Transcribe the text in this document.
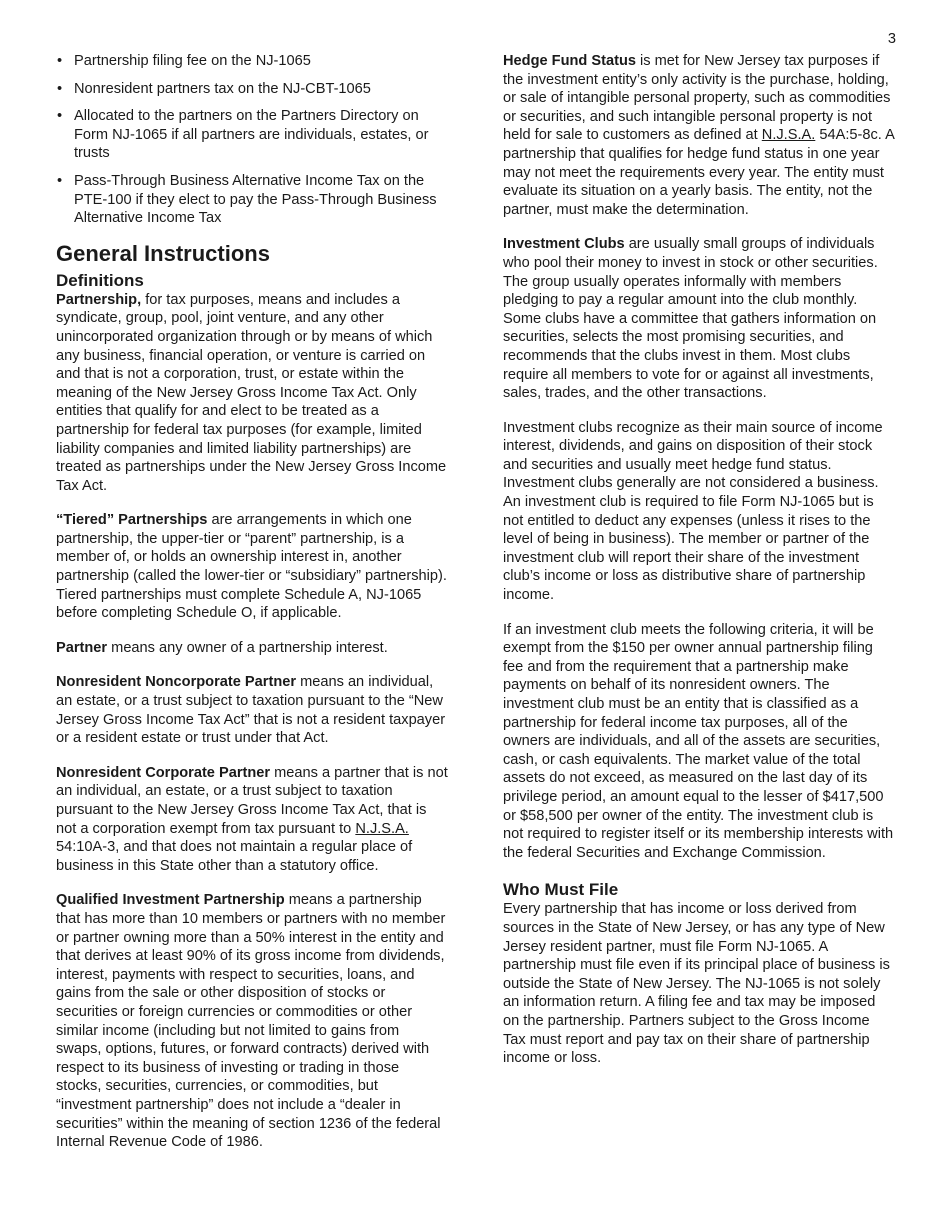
3
• Partnership filing fee on the NJ-1065
• Nonresident partners tax on the NJ-CBT-1065
• Allocated to the partners on the Partners Directory on Form NJ-1065 if all partners are individuals, estates, or trusts
• Pass-Through Business Alternative Income Tax on the PTE-100 if they elect to pay the Pass-Through Business Alternative Income Tax
General Instructions
Definitions

Partnership, for tax purposes, means and includes a syndicate, group, pool, joint venture, and any other unincorporated organization through or by means of which any business, financial operation, or venture is carried on and that is not a corporation, trust, or estate within the meaning of the New Jersey Gross Income Tax Act. Only entities that qualify for and elect to be treated as a partnership for federal tax purposes (for example, limited liability companies and limited liability partnerships) are treated as partnerships under the New Jersey Gross Income Tax Act.

“Tiered” Partnerships are arrangements in which one partnership, the upper-tier or “parent” partnership, is a member of, or holds an ownership interest in, another partnership (called the lower-tier or “subsidiary” partnership). Tiered partnerships must complete Schedule A, NJ-1065 before completing Schedule O, if applicable.

Partner means any owner of a partnership interest.

Nonresident Noncorporate Partner means an individual, an estate, or a trust subject to taxation pursuant to the “New Jersey Gross Income Tax Act” that is not a resident taxpayer or a resident estate or trust under that Act.

Nonresident Corporate Partner means a partner that is not an individual, an estate, or a trust subject to taxation pursuant to the New Jersey Gross Income Tax Act, that is not a corporation exempt from tax pursuant to N.J.S.A. 54:10A-3, and that does not maintain a regular place of business in this State other than a statutory office.

Qualified Investment Partnership means a partnership that has more than 10 members or partners with no member or partner owning more than a 50% interest in the entity and that derives at least 90% of its gross income from dividends, interest, payments with respect to securities, loans, and gains from the sale or other disposition of stocks or securities or foreign currencies or commodities or other similar income (including but not limited to gains from swaps, options, futures, or forward contracts) derived with respect to its business of investing or trading in those stocks, securities, currencies, or commodities, but “investment partnership” does not include a “dealer in securities” within the meaning of section 1236 of the federal Internal Revenue Code of 1986.

Hedge Fund Status is met for New Jersey tax purposes if the investment entity’s only activity is the purchase, holding, or sale of intangible personal property, such as commodities or securities, and such intangible personal property is not held for sale to customers as defined at N.J.S.A. 54A:5-8c. A partnership that qualifies for hedge fund status in one year may not meet the requirements every year. The entity must evaluate its situation on a yearly basis. The entity, not the partner, must make the determination.

Investment Clubs are usually small groups of individuals who pool their money to invest in stock or other securities. The group usually operates informally with members pledging to pay a regular amount into the club monthly. Some clubs have a committee that gathers information on securities, selects the most promising securities, and recommends that the clubs invest in them. Most clubs require all members to vote for or against all investments, sales, trades, and the other transactions.

Investment clubs recognize as their main source of income interest, dividends, and gains on disposition of their stock and securities and usually meet hedge fund status. Investment clubs generally are not considered a business. An investment club is required to file Form NJ-1065 but is not entitled to deduct any expenses (unless it rises to the level of being in business). The member or partner of the investment club will report their share of the investment club’s income or loss as distributive share of partnership income.

If an investment club meets the following criteria, it will be exempt from the $150 per owner annual partnership filing fee and from the requirement that a partnership make payments on behalf of its nonresident owners. The investment club must be an entity that is classified as a partnership for federal income tax purposes, all of the owners are individuals, and all of the assets are securities, cash, or cash equivalents. The market value of the total assets do not exceed, as measured on the last day of its privilege period, an amount equal to the lesser of $417,500 or $58,500 per owner of the entity. The investment club is not required to register itself or its membership interests with the federal Securities and Exchange Commission.

Who Must File

Every partnership that has income or loss derived from sources in the State of New Jersey, or has any type of New Jersey resident partner, must file Form NJ-1065. A partnership must file even if its principal place of business is outside the State of New Jersey. The NJ-1065 is not solely an information return. A filing fee and tax may be imposed on the partnership. Partners subject to the Gross Income Tax must report and pay tax on their share of partnership income or loss.
